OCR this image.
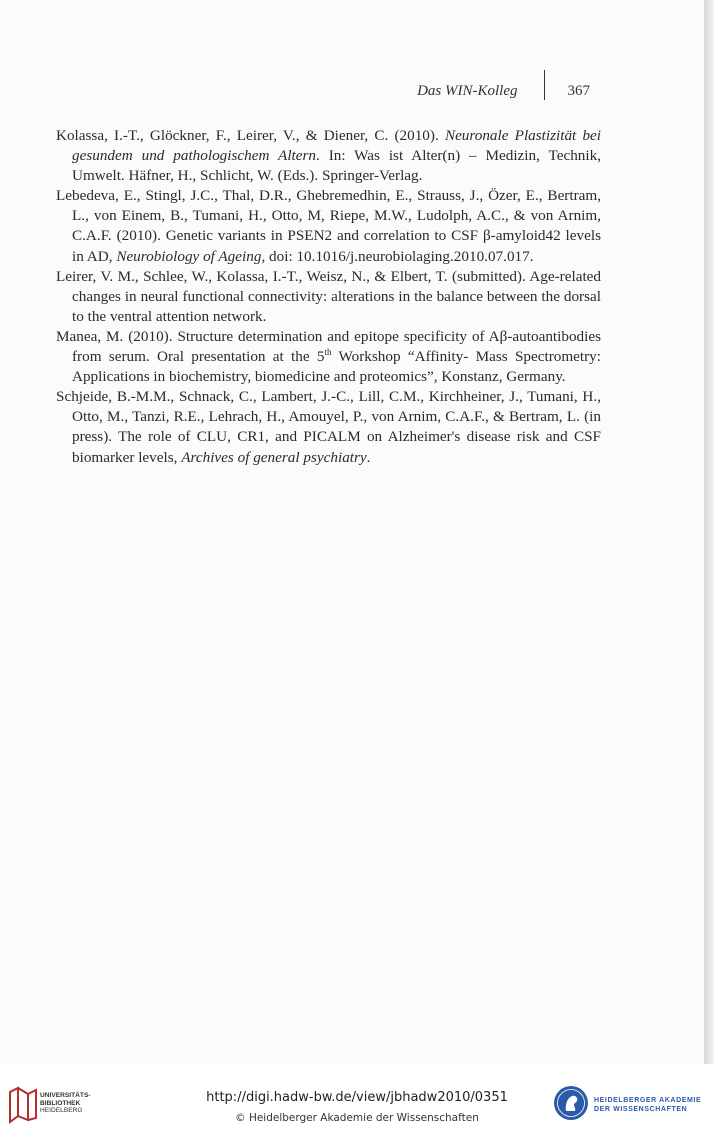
Das WIN-Kolleg	367
Kolassa, I.-T., Glöckner, F., Leirer, V., & Diener, C. (2010). Neuronale Plastizität bei gesundem und pathologischem Altern. In: Was ist Alter(n) – Medizin, Technik, Umwelt. Häfner, H., Schlicht, W. (Eds.). Springer-Verlag.
Lebedeva, E., Stingl, J.C., Thal, D.R., Ghebremedhin, E., Strauss, J., Özer, E., Bertram, L., von Einem, B., Tumani, H., Otto, M, Riepe, M.W., Ludolph, A.C., & von Arnim, C.A.F. (2010). Genetic variants in PSEN2 and correlation to CSF β-amyloid42 levels in AD, Neurobiology of Ageing, doi: 10.1016/j.neurobiolaging.2010.07.017.
Leirer, V. M., Schlee, W., Kolassa, I.-T., Weisz, N., & Elbert, T. (submitted). Age-related changes in neural functional connectivity: alterations in the balance between the dorsal to the ventral attention network.
Manea, M. (2010). Structure determination and epitope specificity of Aβ-autoantibodies from serum. Oral presentation at the 5th Workshop “Affinity- Mass Spectrometry: Applications in biochemistry, biomedicine and proteomics”, Konstanz, Germany.
Schjeide, B.-M.M., Schnack, C., Lambert, J.-C., Lill, C.M., Kirchheiner, J., Tumani, H., Otto, M., Tanzi, R.E., Lehrach, H., Amouyel, P., von Arnim, C.A.F., & Bertram, L. (in press). The role of CLU, CR1, and PICALM on Alzheimer's disease risk and CSF biomarker levels, Archives of general psychiatry.
UNIVERSITÄTS-
BIBLIOTHEK
HEIDELBERG
http://digi.hadw-bw.de/view/jbhadw2010/0351
© Heidelberger Akademie der Wissenschaften
HEIDELBERGER AKADEMIE
DER WISSENSCHAFTEN
